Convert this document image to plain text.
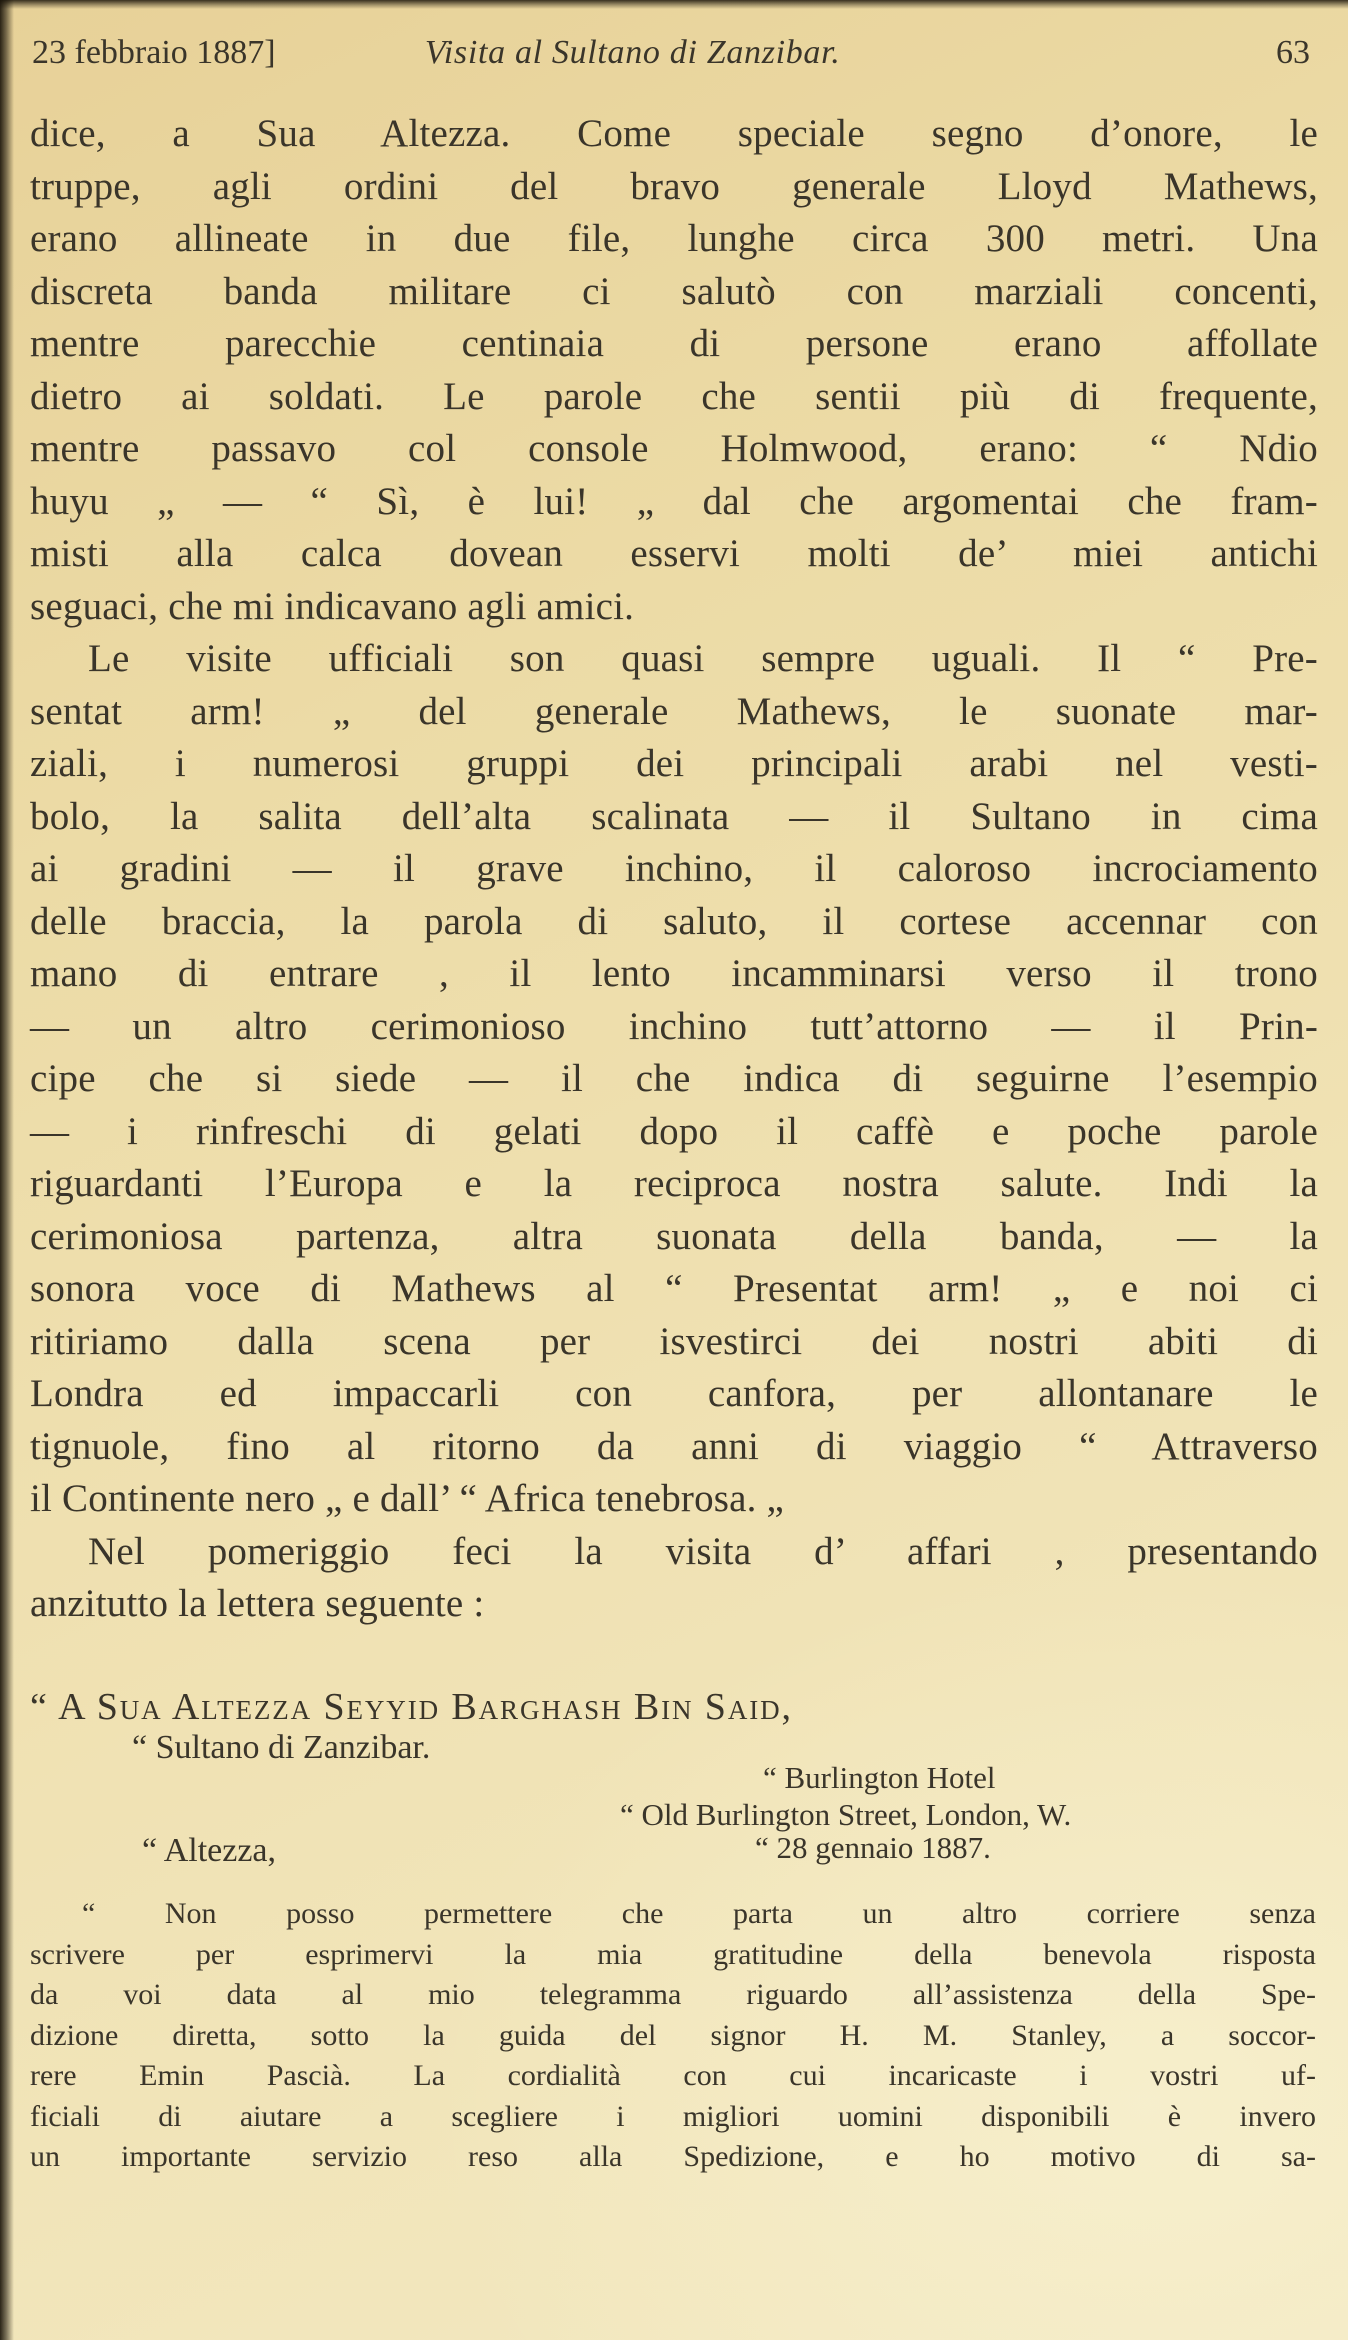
23 febbraio 1887]	Visita al Sultano di Zanzibar.	63
dice, a Sua Altezza. Come speciale segno d’onore, le
truppe, agli ordini del bravo generale Lloyd Mathews,
erano allineate in due file, lunghe circa 300 metri. Una
discreta banda militare ci salutò con marziali concenti,
mentre parecchie centinaia di persone erano affollate
dietro ai soldati. Le parole che sentii più di frequente,
mentre passavo col console Holmwood, erano: “ Ndio
huyu „ — “ Sì, è lui! „ dal che argomentai che fram-
misti alla calca dovean esservi molti de’ miei antichi
seguaci, che mi indicavano agli amici.
Le visite ufficiali son quasi sempre uguali. Il “ Pre-
sentat arm! „ del generale Mathews, le suonate mar-
ziali, i numerosi gruppi dei principali arabi nel vesti-
bolo, la salita dell’alta scalinata — il Sultano in cima
ai gradini — il grave inchino, il caloroso incrociamento
delle braccia, la parola di saluto, il cortese accennar con
mano di entrare , il lento incamminarsi verso il trono
— un altro cerimonioso inchino tutt’attorno — il Prin-
cipe che si siede — il che indica di seguirne l’esempio
— i rinfreschi di gelati dopo il caffè e poche parole
riguardanti l’Europa e la reciproca nostra salute. Indi la
cerimoniosa partenza, altra suonata della banda, — la
sonora voce di Mathews al “ Presentat arm! „ e noi ci
ritiriamo dalla scena per isvestirci dei nostri abiti di
Londra ed impaccarli con canfora, per allontanare le
tignuole, fino al ritorno da anni di viaggio “ Attraverso
il Continente nero „ e dall’ “ Africa tenebrosa. „
Nel pomeriggio feci la visita d’ affari , presentando
anzitutto la lettera seguente :
“ A Sua Altezza Seyyid Barghash Bin Said,
“ Sultano di Zanzibar.
“ Burlington Hotel
“ Old Burlington Street, London, W.
“ Altezza,	“ 28 gennaio 1887.
“ Non posso permettere che parta un altro corriere senza
scrivere per esprimervi la mia gratitudine della benevola risposta
da voi data al mio telegramma riguardo all’assistenza della Spe-
dizione diretta, sotto la guida del signor H. M. Stanley, a soccor-
rere Emin Pascià. La cordialità con cui incaricaste i vostri uf-
ficiali di aiutare a scegliere i migliori uomini disponibili è invero
un importante servizio reso alla Spedizione, e ho motivo di sa-
